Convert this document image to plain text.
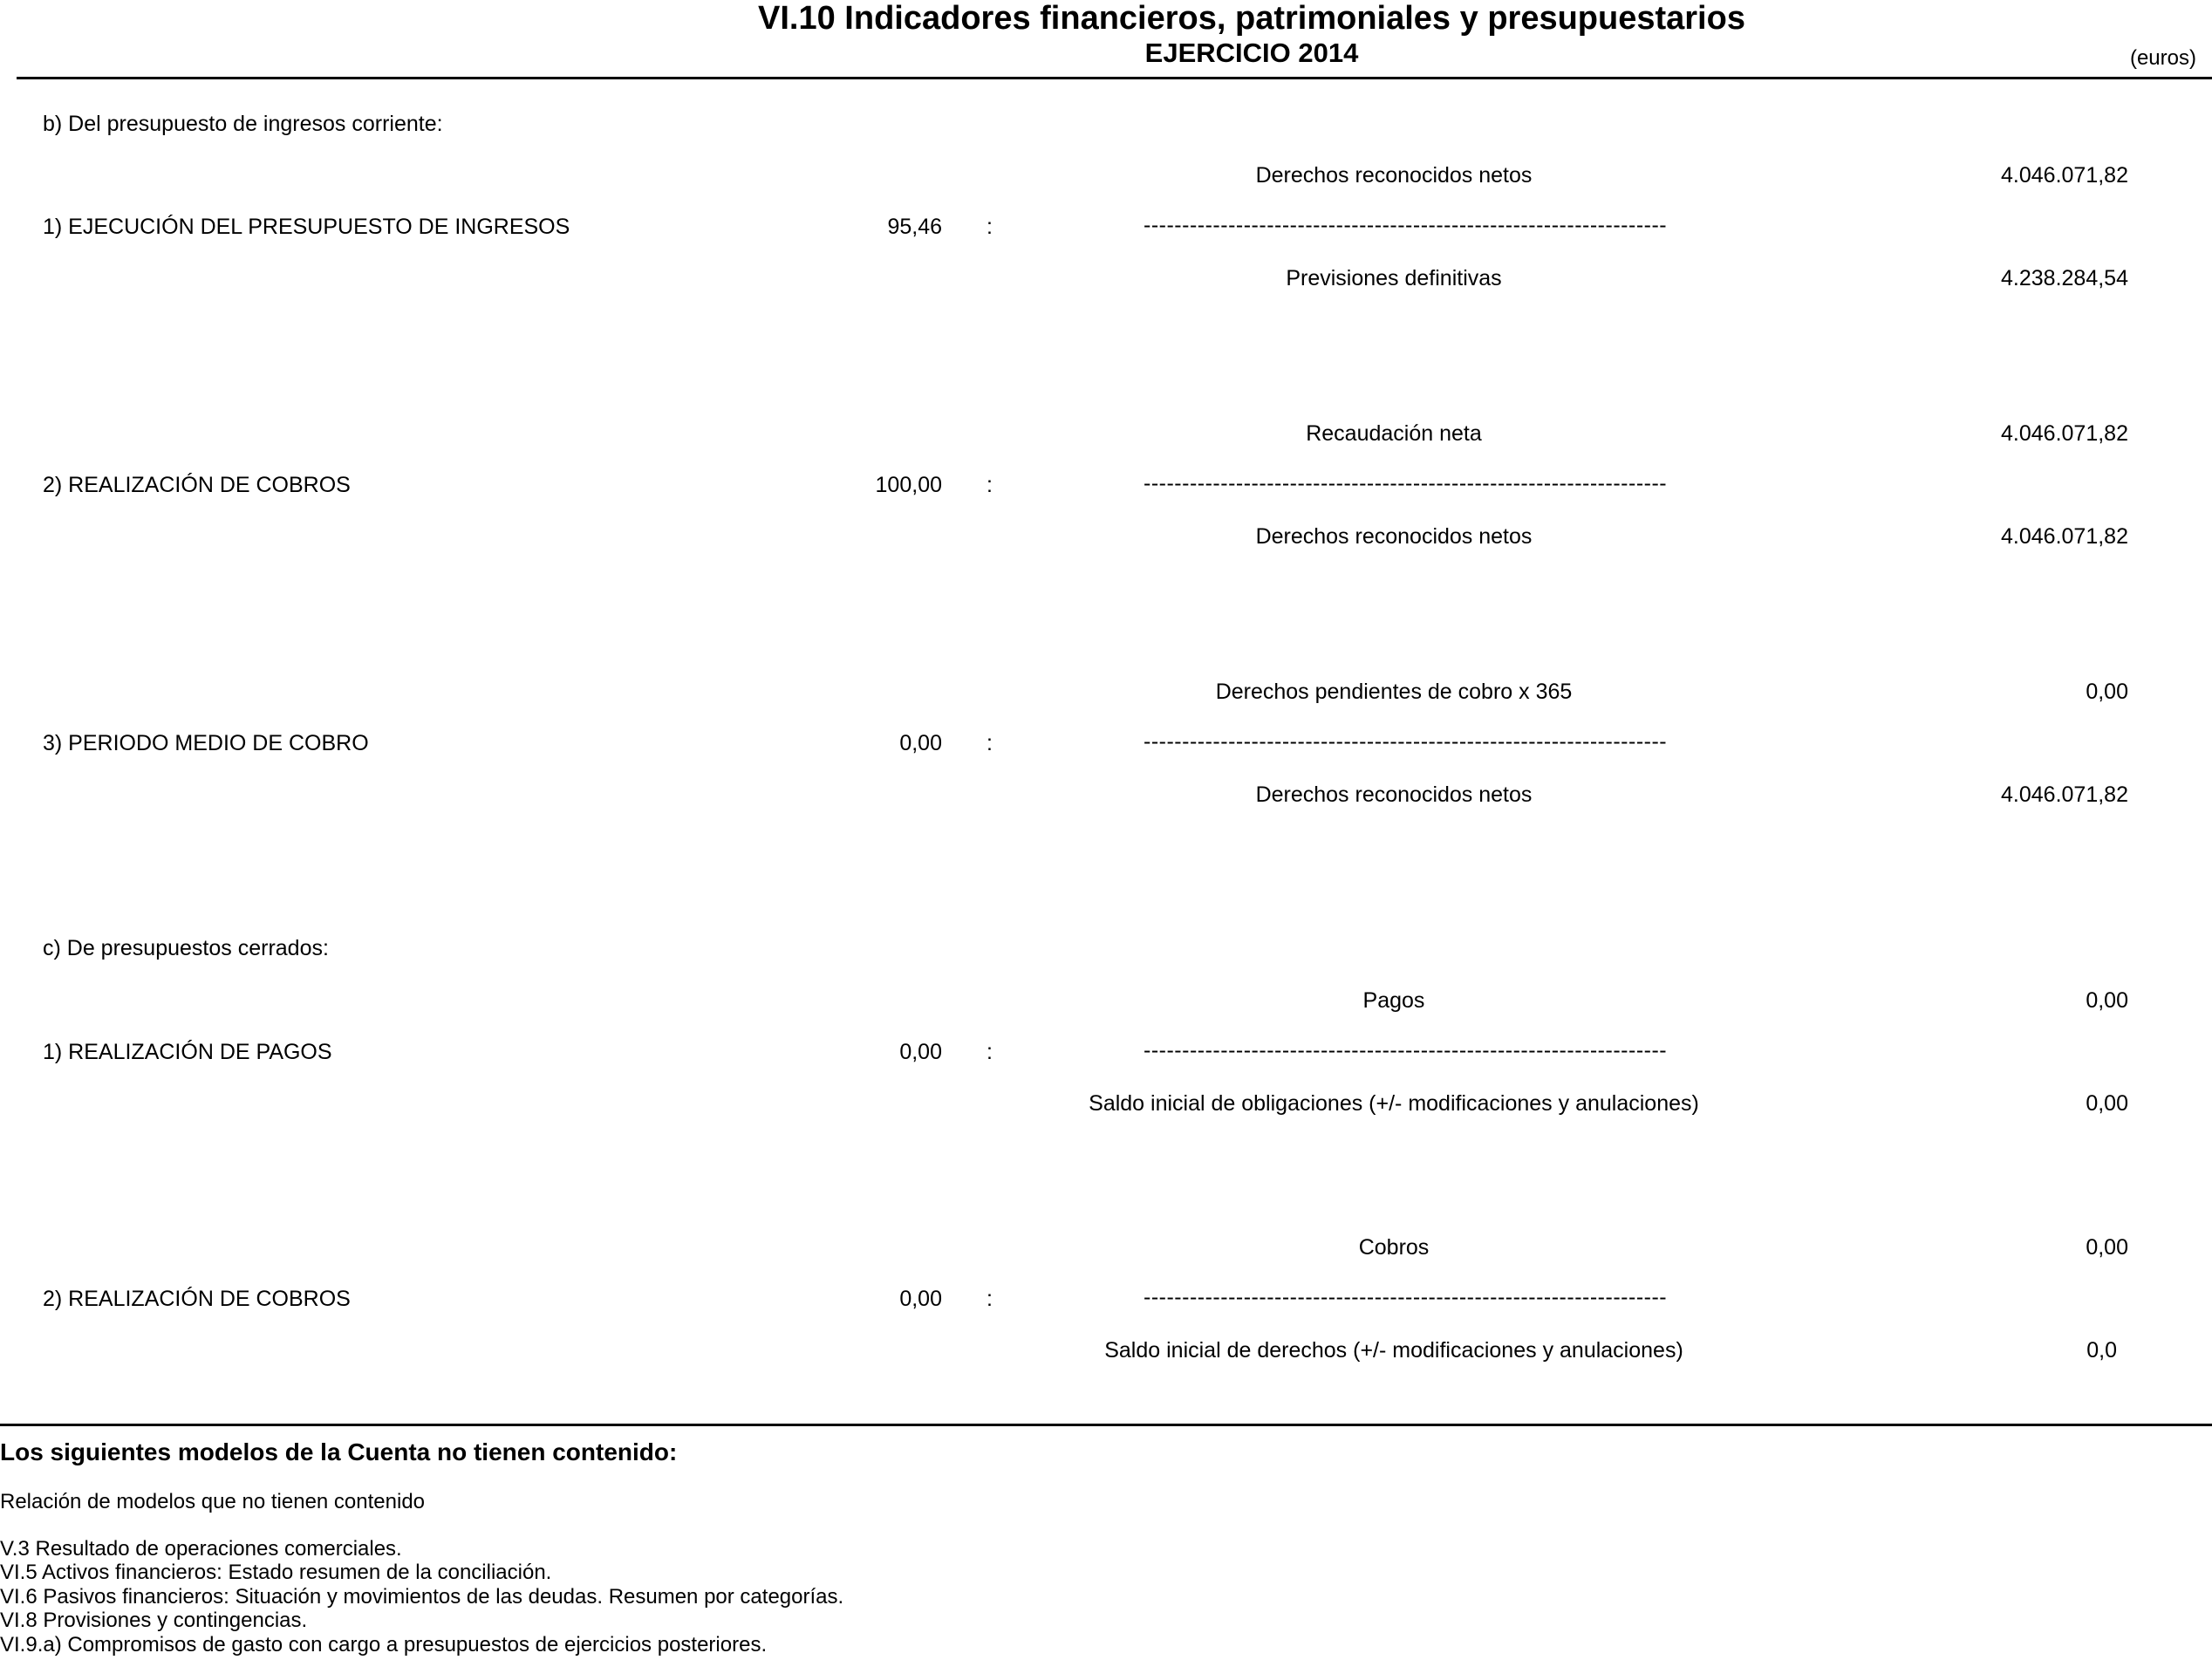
VI.10 Indicadores financieros, patrimoniales y presupuestarios
EJERCICIO 2014	(euros)
b) Del presupuesto de ingresos corriente:
Derechos reconocidos netos	4.046.071,82
1) EJECUCIÓN DEL PRESUPUESTO DE INGRESOS	95,46 :	--------------------------------------------------------------------
Previsiones definitivas	4.238.284,54
Recaudación neta	4.046.071,82
2) REALIZACIÓN DE COBROS	100,00 :	--------------------------------------------------------------------
Derechos reconocidos netos	4.046.071,82
Derechos pendientes de cobro x 365	0,00
3) PERIODO MEDIO DE COBRO	0,00 :	--------------------------------------------------------------------
Derechos reconocidos netos	4.046.071,82
c) De presupuestos cerrados:
Pagos	0,00
1) REALIZACIÓN DE PAGOS	0,00 :	--------------------------------------------------------------------
Saldo inicial de obligaciones (+/- modificaciones y anulaciones)	0,00
Cobros	0,00
2) REALIZACIÓN DE COBROS	0,00 :	--------------------------------------------------------------------
Saldo inicial de derechos (+/- modificaciones y anulaciones)	0,0
Los siguientes modelos de la Cuenta no tienen contenido:
Relación de modelos que no tienen contenido
V.3 Resultado de operaciones comerciales.
VI.5 Activos financieros: Estado resumen de la conciliación.
VI.6 Pasivos financieros: Situación y movimientos de las deudas. Resumen por categorías.
VI.8 Provisiones y contingencias.
VI.9.a) Compromisos de gasto con cargo a presupuestos de ejercicios posteriores.
